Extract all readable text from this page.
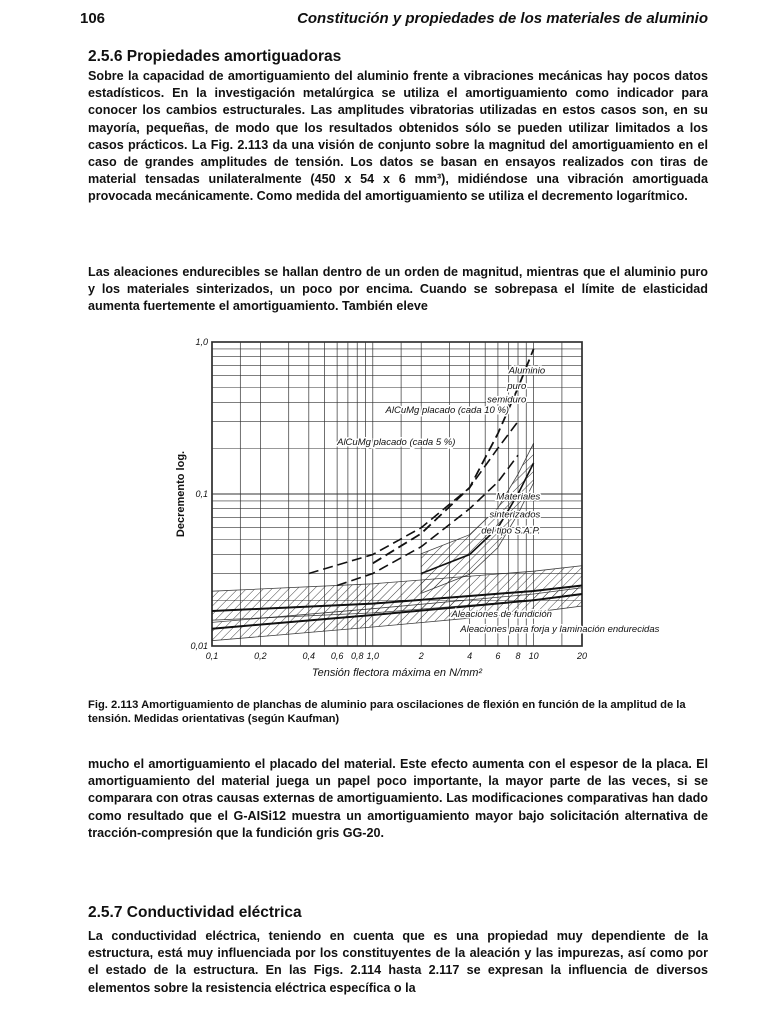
106	Constitución y propiedades de los materiales de aluminio
2.5.6 Propiedades amortiguadoras

Sobre la capacidad de amortiguamiento del aluminio frente a vibraciones mecánicas hay pocos datos estadísticos. En la investigación metalúrgica se utiliza el amortiguamiento como indicador para conocer los cambios estructurales. Las amplitudes vibratorias utilizadas en estos casos son, en su mayoría, pequeñas, de modo que los resultados obtenidos sólo se pueden utilizar limitados a los casos prácticos. La Fig. 2.113 da una visión de conjunto sobre la magnitud del amortiguamiento en el caso de grandes amplitudes de tensión. Los datos se basan en ensayos realizados con tiras de material tensadas unilateralmente (450 x 54 x 6 mm³), midiéndose una vibración amortiguada provocada mecánicamente. Como medida del amortiguamiento se utiliza el decremento logarítmico.

Las aleaciones endurecibles se hallan dentro de un orden de magnitud, mientras que el aluminio puro y los materiales sinterizados, un poco por encima. Cuando se sobrepasa el límite de elasticidad aumenta fuertemente el amortiguamiento. También eleve

0,1	0,2	0,4 0,6 0,8 1,0	2	4	6 8 10	20
0,01
0,1
1,0
Tensión flectora máxima en N/mm²
Decremento log.
Aluminio
puro
semiduro
AlCuMg placado (cada 10 %)
AlCuMg placado (cada 5 %)
Materiales
sinterizados
del tipo S.A.P.
Aleaciones de fundición
Aleaciones para forja y laminación endurecidas

Fig. 2.113 Amortiguamiento de planchas de aluminio para oscilaciones de flexión en función de la amplitud de la tensión. Medidas orientativas (según Kaufman)

mucho el amortiguamiento el placado del material. Este efecto aumenta con el espesor de la placa. El amortiguamiento del material juega un papel poco importante, la mayor parte de las veces, si se comparara con otras causas externas de amortiguamiento. Las modificaciones comparativas han dado como resultado que el G-AISi12 muestra un amortiguamiento mayor bajo solicitación alternativa de tracción-compresión que la fundición gris GG-20.

2.5.7 Conductividad eléctrica

La conductividad eléctrica, teniendo en cuenta que es una propiedad muy dependiente de la estructura, está muy influenciada por los constituyentes de la aleación y las impurezas, así como por el estado de la estructura. En las Figs. 2.114 hasta 2.117 se expresan la influencia de diversos elementos sobre la resistencia eléctrica específica o la
